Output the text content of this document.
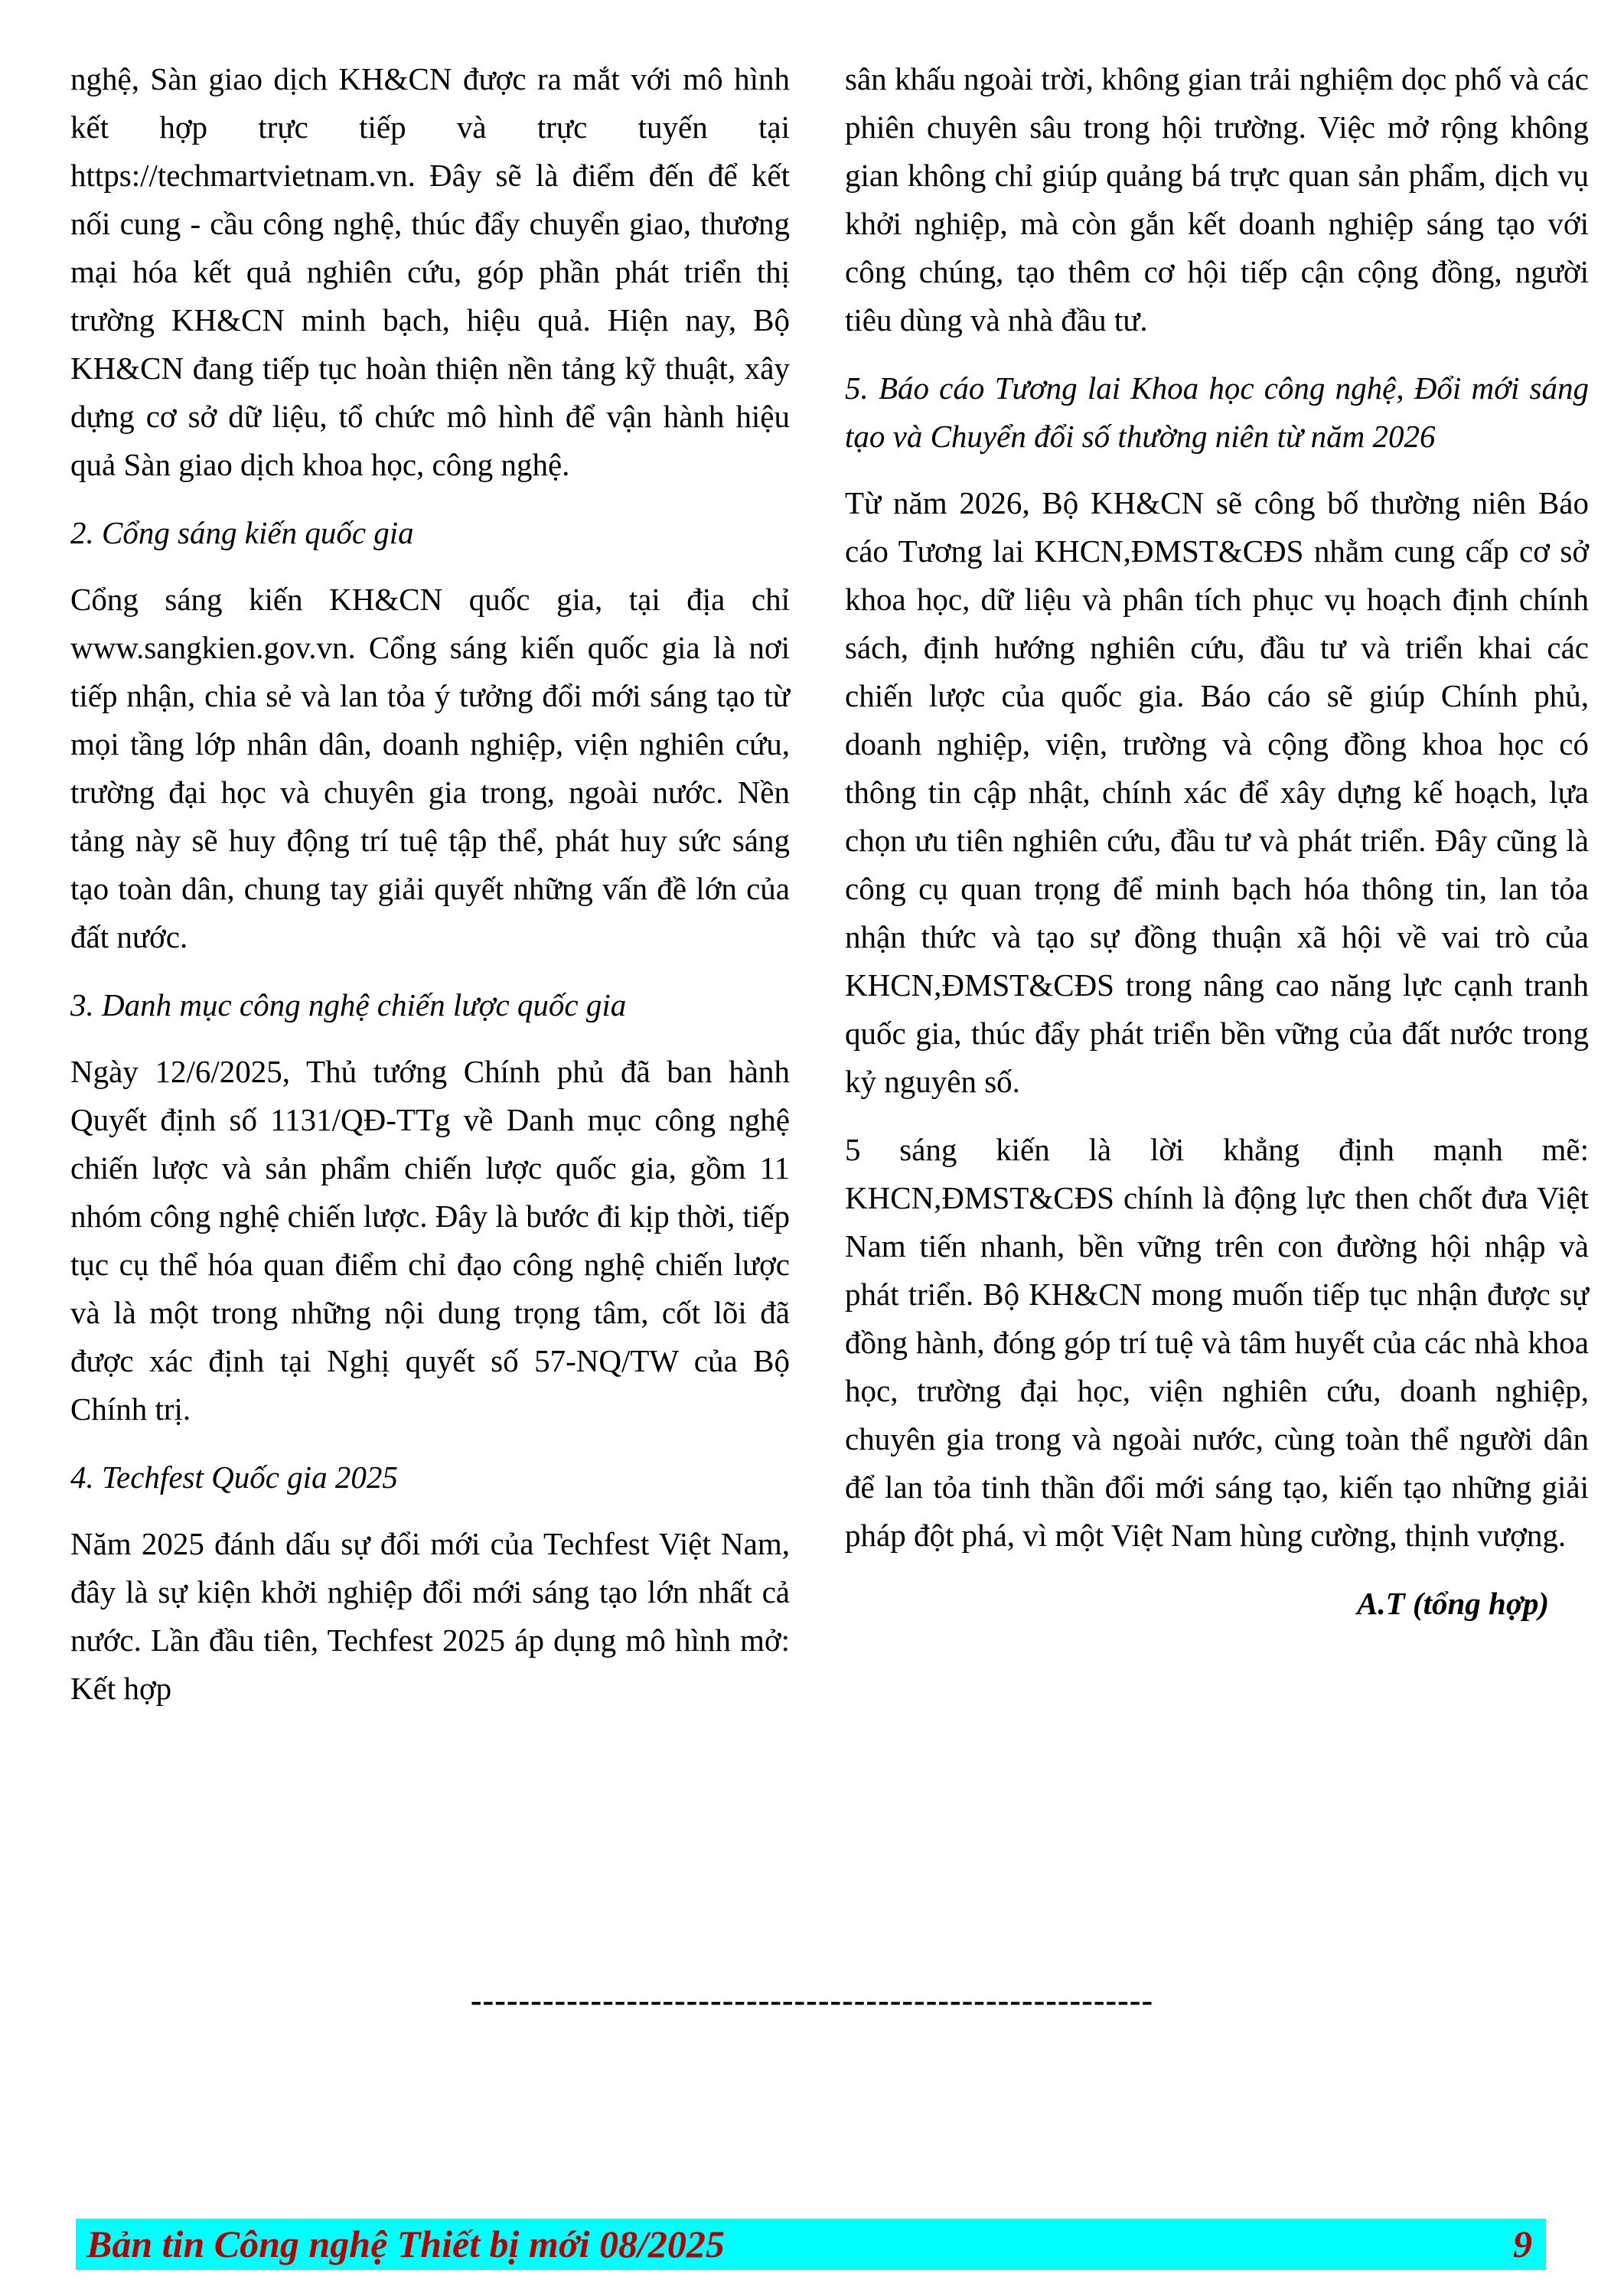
nghệ, Sàn giao dịch KH&CN được ra mắt với mô hình kết hợp trực tiếp và trực tuyến tại https://techmartvietnam.vn. Đây sẽ là điểm đến để kết nối cung - cầu công nghệ, thúc đẩy chuyển giao, thương mại hóa kết quả nghiên cứu, góp phần phát triển thị trường KH&CN minh bạch, hiệu quả. Hiện nay, Bộ KH&CN đang tiếp tục hoàn thiện nền tảng kỹ thuật, xây dựng cơ sở dữ liệu, tổ chức mô hình để vận hành hiệu quả Sàn giao dịch khoa học, công nghệ.

2. Cổng sáng kiến quốc gia

Cổng sáng kiến KH&CN quốc gia, tại địa chỉ www.sangkien.gov.vn. Cổng sáng kiến quốc gia là nơi tiếp nhận, chia sẻ và lan tỏa ý tưởng đổi mới sáng tạo từ mọi tầng lớp nhân dân, doanh nghiệp, viện nghiên cứu, trường đại học và chuyên gia trong, ngoài nước. Nền tảng này sẽ huy động trí tuệ tập thể, phát huy sức sáng tạo toàn dân, chung tay giải quyết những vấn đề lớn của đất nước.

3. Danh mục công nghệ chiến lược quốc gia

Ngày 12/6/2025, Thủ tướng Chính phủ đã ban hành Quyết định số 1131/QĐ-TTg về Danh mục công nghệ chiến lược và sản phẩm chiến lược quốc gia, gồm 11 nhóm công nghệ chiến lược. Đây là bước đi kịp thời, tiếp tục cụ thể hóa quan điểm chỉ đạo công nghệ chiến lược và là một trong những nội dung trọng tâm, cốt lõi đã được xác định tại Nghị quyết số 57-NQ/TW của Bộ Chính trị.

4. Techfest Quốc gia 2025

Năm 2025 đánh dấu sự đổi mới của Techfest Việt Nam, đây là sự kiện khởi nghiệp đổi mới sáng tạo lớn nhất cả nước. Lần đầu tiên, Techfest 2025 áp dụng mô hình mở: Kết hợp

sân khấu ngoài trời, không gian trải nghiệm dọc phố và các phiên chuyên sâu trong hội trường. Việc mở rộng không gian không chỉ giúp quảng bá trực quan sản phẩm, dịch vụ khởi nghiệp, mà còn gắn kết doanh nghiệp sáng tạo với công chúng, tạo thêm cơ hội tiếp cận cộng đồng, người tiêu dùng và nhà đầu tư.

5. Báo cáo Tương lai Khoa học công nghệ, Đổi mới sáng tạo và Chuyển đổi số thường niên từ năm 2026

Từ năm 2026, Bộ KH&CN sẽ công bố thường niên Báo cáo Tương lai KHCN,ĐMST&CĐS nhằm cung cấp cơ sở khoa học, dữ liệu và phân tích phục vụ hoạch định chính sách, định hướng nghiên cứu, đầu tư và triển khai các chiến lược của quốc gia. Báo cáo sẽ giúp Chính phủ, doanh nghiệp, viện, trường và cộng đồng khoa học có thông tin cập nhật, chính xác để xây dựng kế hoạch, lựa chọn ưu tiên nghiên cứu, đầu tư và phát triển. Đây cũng là công cụ quan trọng để minh bạch hóa thông tin, lan tỏa nhận thức và tạo sự đồng thuận xã hội về vai trò của KHCN,ĐMST&CĐS trong nâng cao năng lực cạnh tranh quốc gia, thúc đẩy phát triển bền vững của đất nước trong kỷ nguyên số.

5 sáng kiến là lời khẳng định mạnh mẽ: KHCN,ĐMST&CĐS chính là động lực then chốt đưa Việt Nam tiến nhanh, bền vững trên con đường hội nhập và phát triển. Bộ KH&CN mong muốn tiếp tục nhận được sự đồng hành, đóng góp trí tuệ và tâm huyết của các nhà khoa học, trường đại học, viện nghiên cứu, doanh nghiệp, chuyên gia trong và ngoài nước, cùng toàn thể người dân để lan tỏa tinh thần đổi mới sáng tạo, kiến tạo những giải pháp đột phá, vì một Việt Nam hùng cường, thịnh vượng.

A.T (tổng hợp)

---------------------------------------------------------
Bản tin Công nghệ Thiết bị mới 08/2025	9
